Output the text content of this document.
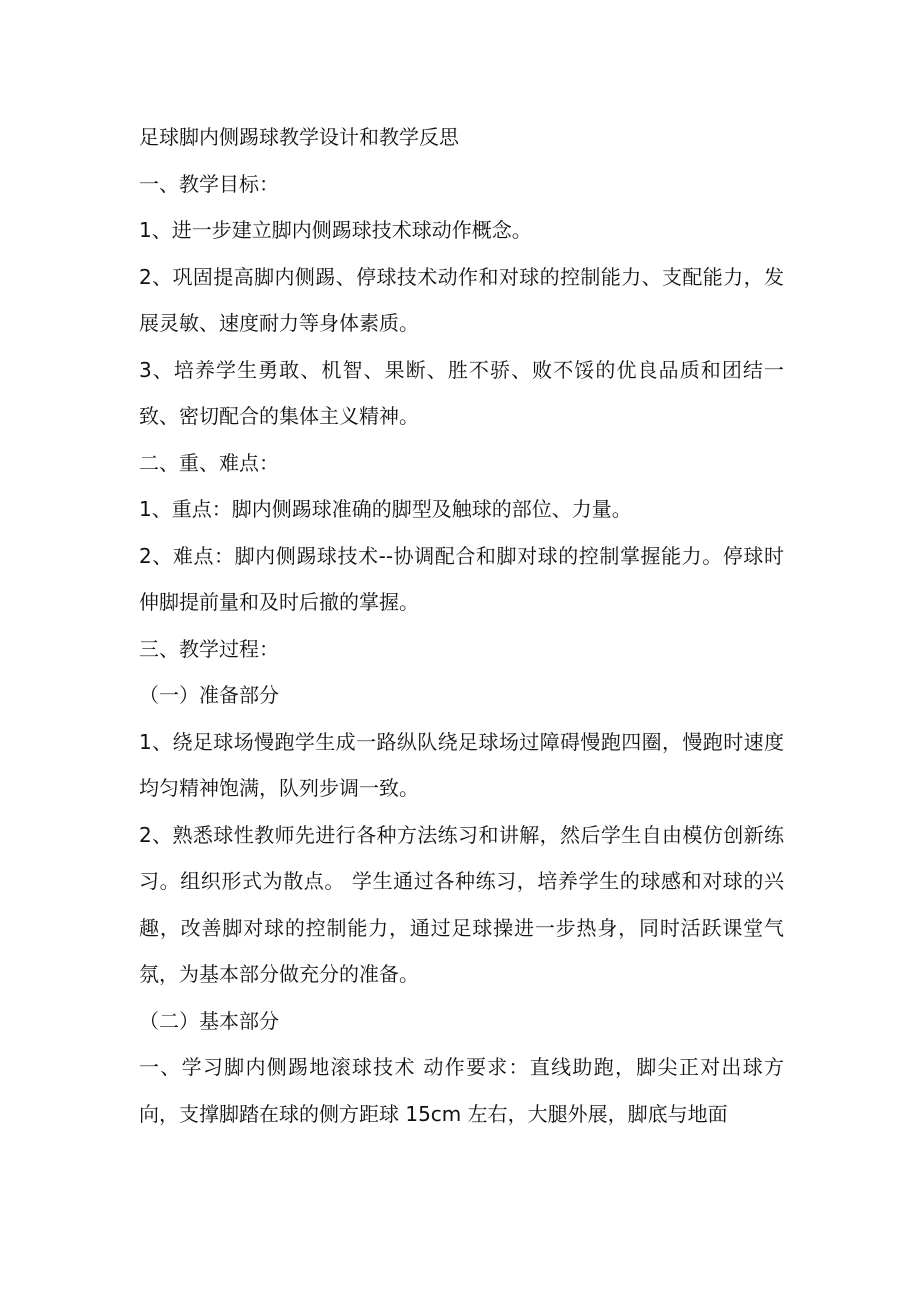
足球脚内侧踢球教学设计和教学反思

一、教学目标：

1、进一步建立脚内侧踢球技术球动作概念。

2、巩固提高脚内侧踢、停球技术动作和对球的控制能力、支配能力，发展灵敏、速度耐力等身体素质。

3、培养学生勇敢、机智、果断、胜不骄、败不馁的优良品质和团结一致、密切配合的集体主义精神。

二、重、难点：

1、重点：脚内侧踢球准确的脚型及触球的部位、力量。

2、难点：脚内侧踢球技术--协调配合和脚对球的控制掌握能力。停球时伸脚提前量和及时后撤的掌握。

三、教学过程：

（一）准备部分

1、绕足球场慢跑学生成一路纵队绕足球场过障碍慢跑四圈，慢跑时速度均匀精神饱满，队列步调一致。

2、熟悉球性教师先进行各种方法练习和讲解，然后学生自由模仿创新练习。组织形式为散点。 学生通过各种练习，培养学生的球感和对球的兴趣，改善脚对球的控制能力，通过足球操进一步热身，同时活跃课堂气氛，为基本部分做充分的准备。

（二）基本部分

一、学习脚内侧踢地滚球技术 动作要求：直线助跑，脚尖正对出球方向，支撑脚踏在球的侧方距球 15cm 左右，大腿外展，脚底与地面
